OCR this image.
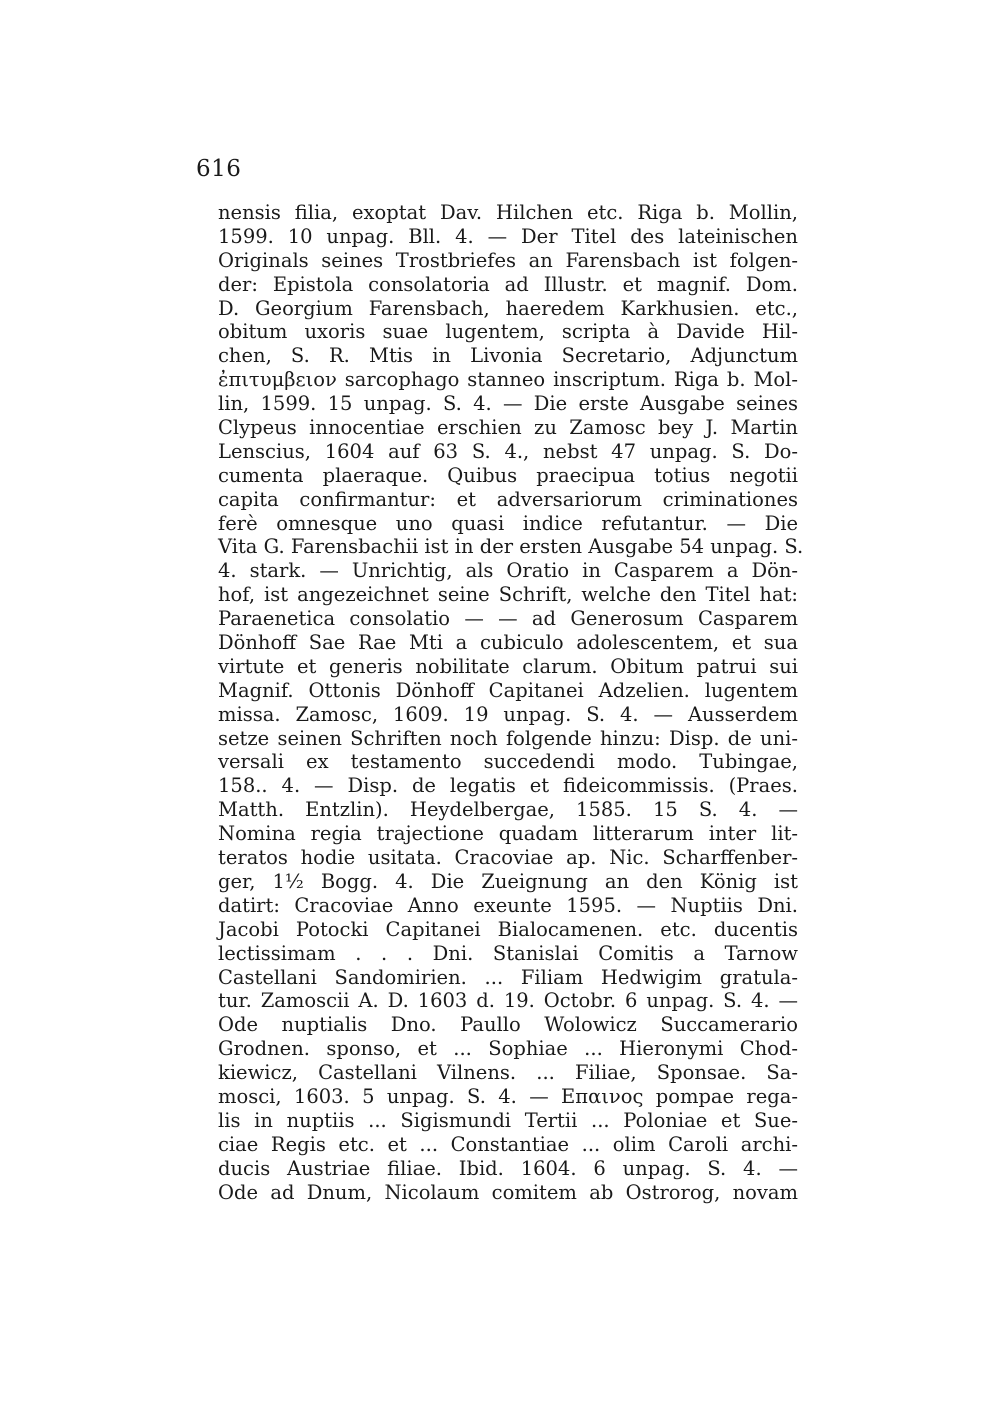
616
nensis filia, exoptat Dav. Hilchen etc. Riga b. Mollin,
1599. 10 unpag. Bll. 4. — Der Titel des lateinischen
Originals seines Trostbriefes an Farensbach ist folgen-
der: Epistola consolatoria ad Illustr. et magnif. Dom.
D. Georgium Farensbach, haeredem Karkhusien. etc.,
obitum uxoris suae lugentem, scripta à Davide Hil-
chen, S. R. Mtis in Livonia Secretario, Adjunctum
ἐπιτυμβειον sarcophago stanneo inscriptum. Riga b. Mol-
lin, 1599. 15 unpag. S. 4. — Die erste Ausgabe seines
Clypeus innocentiae erschien zu Zamosc bey J. Martin
Lenscius, 1604 auf 63 S. 4., nebst 47 unpag. S. Do-
cumenta plaeraque. Quibus praecipua totius negotii
capita confirmantur: et adversariorum criminationes
ferè omnesque uno quasi indice refutantur. — Die
Vita G. Farensbachii ist in der ersten Ausgabe 54 unpag. S.
4. stark. — Unrichtig, als Oratio in Casparem a Dön-
hof, ist angezeichnet seine Schrift, welche den Titel hat:
Paraenetica consolatio — — ad Generosum Casparem
Dönhoff Sae Rae Mti a cubiculo adolescentem, et sua
virtute et generis nobilitate clarum. Obitum patrui sui
Magnif. Ottonis Dönhoff Capitanei Adzelien. lugentem
missa. Zamosc, 1609. 19 unpag. S. 4. — Ausserdem
setze seinen Schriften noch folgende hinzu: Disp. de uni-
versali ex testamento succedendi modo. Tubingae,
158.. 4. — Disp. de legatis et fideicommissis. (Praes.
Matth. Entzlin). Heydelbergae, 1585. 15 S. 4. —
Nomina regia trajectione quadam litterarum inter lit-
teratos hodie usitata. Cracoviae ap. Nic. Scharffenber-
ger, 1½ Bogg. 4. Die Zueignung an den König ist
datirt: Cracoviae Anno exeunte 1595. — Nuptiis Dni.
Jacobi Potocki Capitanei Bialocamenen. etc. ducentis
lectissimam . . . Dni. Stanislai Comitis a Tarnow
Castellani Sandomirien. ... Filiam Hedwigim gratula-
tur. Zamoscii A. D. 1603 d. 19. Octobr. 6 unpag. S. 4. —
Ode nuptialis Dno. Paullo Wolowicz Succamerario
Grodnen. sponso, et ... Sophiae ... Hieronymi Chod-
kiewicz, Castellani Vilnens. ... Filiae, Sponsae. Sa-
mosci, 1603. 5 unpag. S. 4. — Επαινος pompae rega-
lis in nuptiis ... Sigismundi Tertii ... Poloniae et Sue-
ciae Regis etc. et ... Constantiae ... olim Caroli archi-
ducis Austriae filiae. Ibid. 1604. 6 unpag. S. 4. —
Ode ad Dnum, Nicolaum comitem ab Ostrorog, novam
